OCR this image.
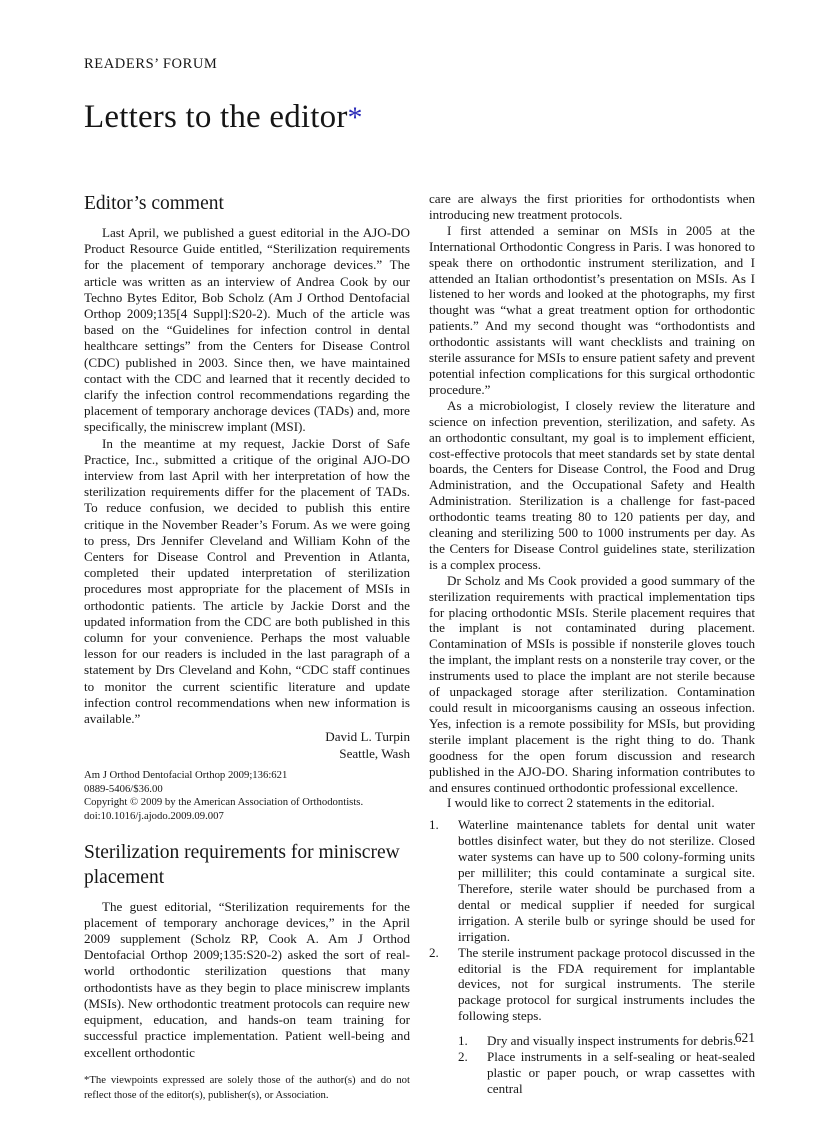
READERS’ FORUM
Letters to the editor*
Editor’s comment

Last April, we published a guest editorial in the AJO-DO Product Resource Guide entitled, “Sterilization requirements for the placement of temporary anchorage devices.” The article was written as an interview of Andrea Cook by our Techno Bytes Editor, Bob Scholz (Am J Orthod Dentofacial Orthop 2009;135[4 Suppl]:S20-2). Much of the article was based on the “Guidelines for infection control in dental healthcare settings” from the Centers for Disease Control (CDC) published in 2003. Since then, we have maintained contact with the CDC and learned that it recently decided to clarify the infection control recommendations regarding the placement of temporary anchorage devices (TADs) and, more specifically, the miniscrew implant (MSI).

In the meantime at my request, Jackie Dorst of Safe Practice, Inc., submitted a critique of the original AJO-DO interview from last April with her interpretation of how the sterilization requirements differ for the placement of TADs. To reduce confusion, we decided to publish this entire critique in the November Reader’s Forum. As we were going to press, Drs Jennifer Cleveland and William Kohn of the Centers for Disease Control and Prevention in Atlanta, completed their updated interpretation of sterilization procedures most appropriate for the placement of MSIs in orthodontic patients. The article by Jackie Dorst and the updated information from the CDC are both published in this column for your convenience. Perhaps the most valuable lesson for our readers is included in the last paragraph of a statement by Drs Cleveland and Kohn, “CDC staff continues to monitor the current scientific literature and update infection control recommendations when new information is available.”

David L. Turpin
Seattle, Wash
Am J Orthod Dentofacial Orthop 2009;136:621
0889-5406/$36.00
Copyright © 2009 by the American Association of Orthodontists.
doi:10.1016/j.ajodo.2009.09.007
Sterilization requirements for miniscrew placement

The guest editorial, “Sterilization requirements for the placement of temporary anchorage devices,” in the April 2009 supplement (Scholz RP, Cook A. Am J Orthod Dentofacial Orthop 2009;135:S20-2) asked the sort of real-world orthodontic sterilization questions that many orthodontists have as they begin to place miniscrew implants (MSIs). New orthodontic treatment protocols can require new equipment, education, and hands-on team training for successful practice implementation. Patient well-being and excellent orthodontic

*The viewpoints expressed are solely those of the author(s) and do not reflect those of the editor(s), publisher(s), or Association.

care are always the first priorities for orthodontists when introducing new treatment protocols.

I first attended a seminar on MSIs in 2005 at the International Orthodontic Congress in Paris. I was honored to speak there on orthodontic instrument sterilization, and I attended an Italian orthodontist’s presentation on MSIs. As I listened to her words and looked at the photographs, my first thought was “what a great treatment option for orthodontic patients.” And my second thought was “orthodontists and orthodontic assistants will want checklists and training on sterile assurance for MSIs to ensure patient safety and prevent potential infection complications for this surgical orthodontic procedure.”

As a microbiologist, I closely review the literature and science on infection prevention, sterilization, and safety. As an orthodontic consultant, my goal is to implement efficient, cost-effective protocols that meet standards set by state dental boards, the Centers for Disease Control, the Food and Drug Administration, and the Occupational Safety and Health Administration. Sterilization is a challenge for fast-paced orthodontic teams treating 80 to 120 patients per day, and cleaning and sterilizing 500 to 1000 instruments per day. As the Centers for Disease Control guidelines state, sterilization is a complex process.

Dr Scholz and Ms Cook provided a good summary of the sterilization requirements with practical implementation tips for placing orthodontic MSIs. Sterile placement requires that the implant is not contaminated during placement. Contamination of MSIs is possible if nonsterile gloves touch the implant, the implant rests on a nonsterile tray cover, or the instruments used to place the implant are not sterile because of unpackaged storage after sterilization. Contamination could result in micoorganisms causing an osseous infection. Yes, infection is a remote possibility for MSIs, but providing sterile implant placement is the right thing to do. Thank goodness for the open forum discussion and research published in the AJO-DO. Sharing information contributes to and ensures continued orthodontic professional excellence.

I would like to correct 2 statements in the editorial.

1.	Waterline maintenance tablets for dental unit water bottles disinfect water, but they do not sterilize. Closed water systems can have up to 500 colony-forming units per milliliter; this could contaminate a surgical site. Therefore, sterile water should be purchased from a dental or medical supplier if needed for surgical irrigation. A sterile bulb or syringe should be used for irrigation.
2.	The sterile instrument package protocol discussed in the editorial is the FDA requirement for implantable devices, not for surgical instruments. The sterile package protocol for surgical instruments includes the following steps.
1.	Dry and visually inspect instruments for debris.
2.	Place instruments in a self-sealing or heat-sealed plastic or paper pouch, or wrap cassettes with central
621
